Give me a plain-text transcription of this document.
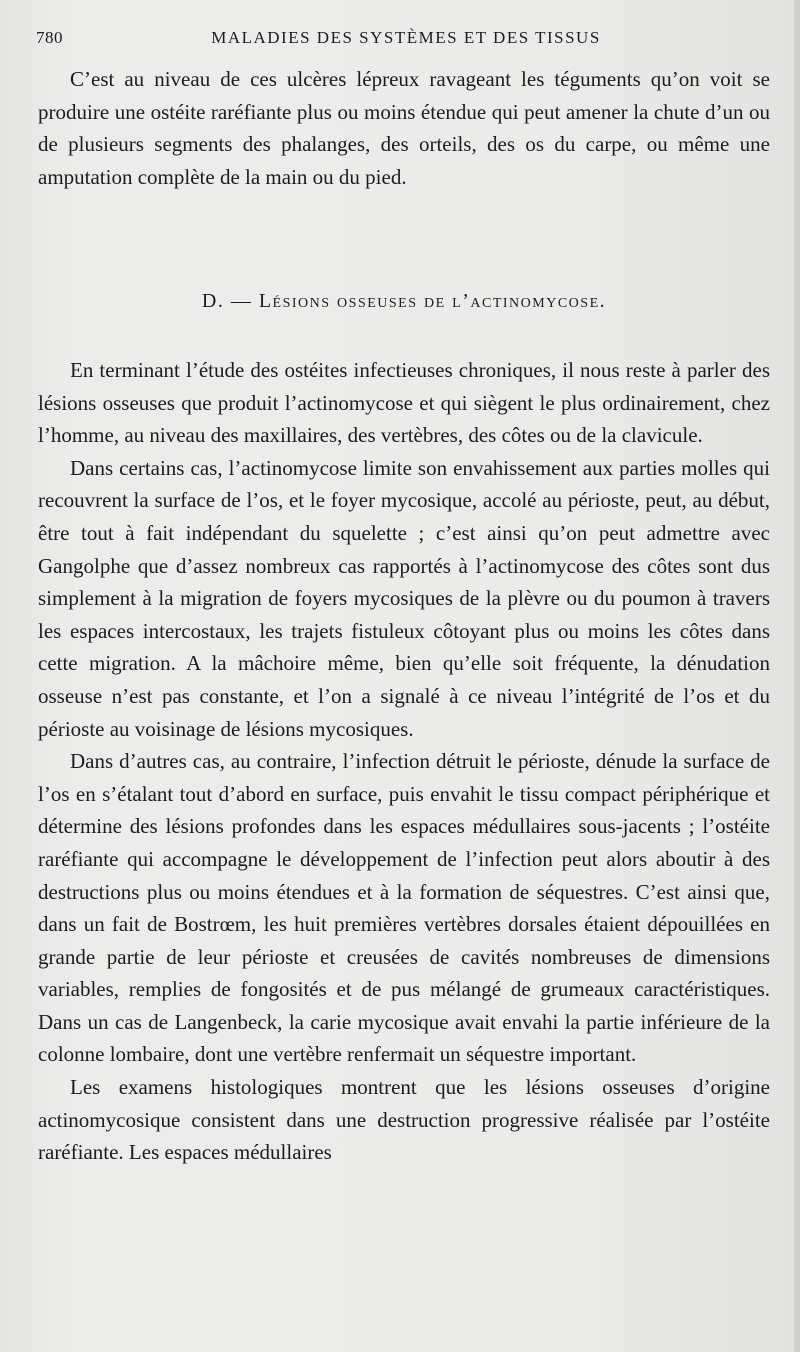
780	MALADIES DES SYSTÈMES ET DES TISSUS

C’est au niveau de ces ulcères lépreux ravageant les téguments qu’on voit se produire une ostéite raréfiante plus ou moins étendue qui peut amener la chute d’un ou de plusieurs segments des phalanges, des orteils, des os du carpe, ou même une amputation complète de la main ou du pied.

D. — Lésions osseuses de l’actinomycose.

En terminant l’étude des ostéites infectieuses chroniques, il nous reste à parler des lésions osseuses que produit l’actinomycose et qui siègent le plus ordinairement, chez l’homme, au niveau des maxillaires, des vertèbres, des côtes ou de la clavicule.

Dans certains cas, l’actinomycose limite son envahissement aux parties molles qui recouvrent la surface de l’os, et le foyer mycosique, accolé au périoste, peut, au début, être tout à fait indépendant du squelette ; c’est ainsi qu’on peut admettre avec Gangolphe que d’assez nombreux cas rapportés à l’actinomycose des côtes sont dus simplement à la migration de foyers mycosiques de la plèvre ou du poumon à travers les espaces intercostaux, les trajets fistuleux côtoyant plus ou moins les côtes dans cette migration. A la mâchoire même, bien qu’elle soit fréquente, la dénudation osseuse n’est pas constante, et l’on a signalé à ce niveau l’intégrité de l’os et du périoste au voisinage de lésions mycosiques.

Dans d’autres cas, au contraire, l’infection détruit le périoste, dénude la surface de l’os en s’étalant tout d’abord en surface, puis envahit le tissu compact périphérique et détermine des lésions profondes dans les espaces médullaires sous-jacents ; l’ostéite raréfiante qui accompagne le développement de l’infection peut alors aboutir à des destructions plus ou moins étendues et à la formation de séquestres. C’est ainsi que, dans un fait de Bostrœm, les huit premières vertèbres dorsales étaient dépouillées en grande partie de leur périoste et creusées de cavités nombreuses de dimensions variables, remplies de fongosités et de pus mélangé de grumeaux caractéristiques. Dans un cas de Langenbeck, la carie mycosique avait envahi la partie inférieure de la colonne lombaire, dont une vertèbre renfermait un séquestre important.

Les examens histologiques montrent que les lésions osseuses d’origine actinomycosique consistent dans une destruction progressive réalisée par l’ostéite raréfiante. Les espaces médullaires
